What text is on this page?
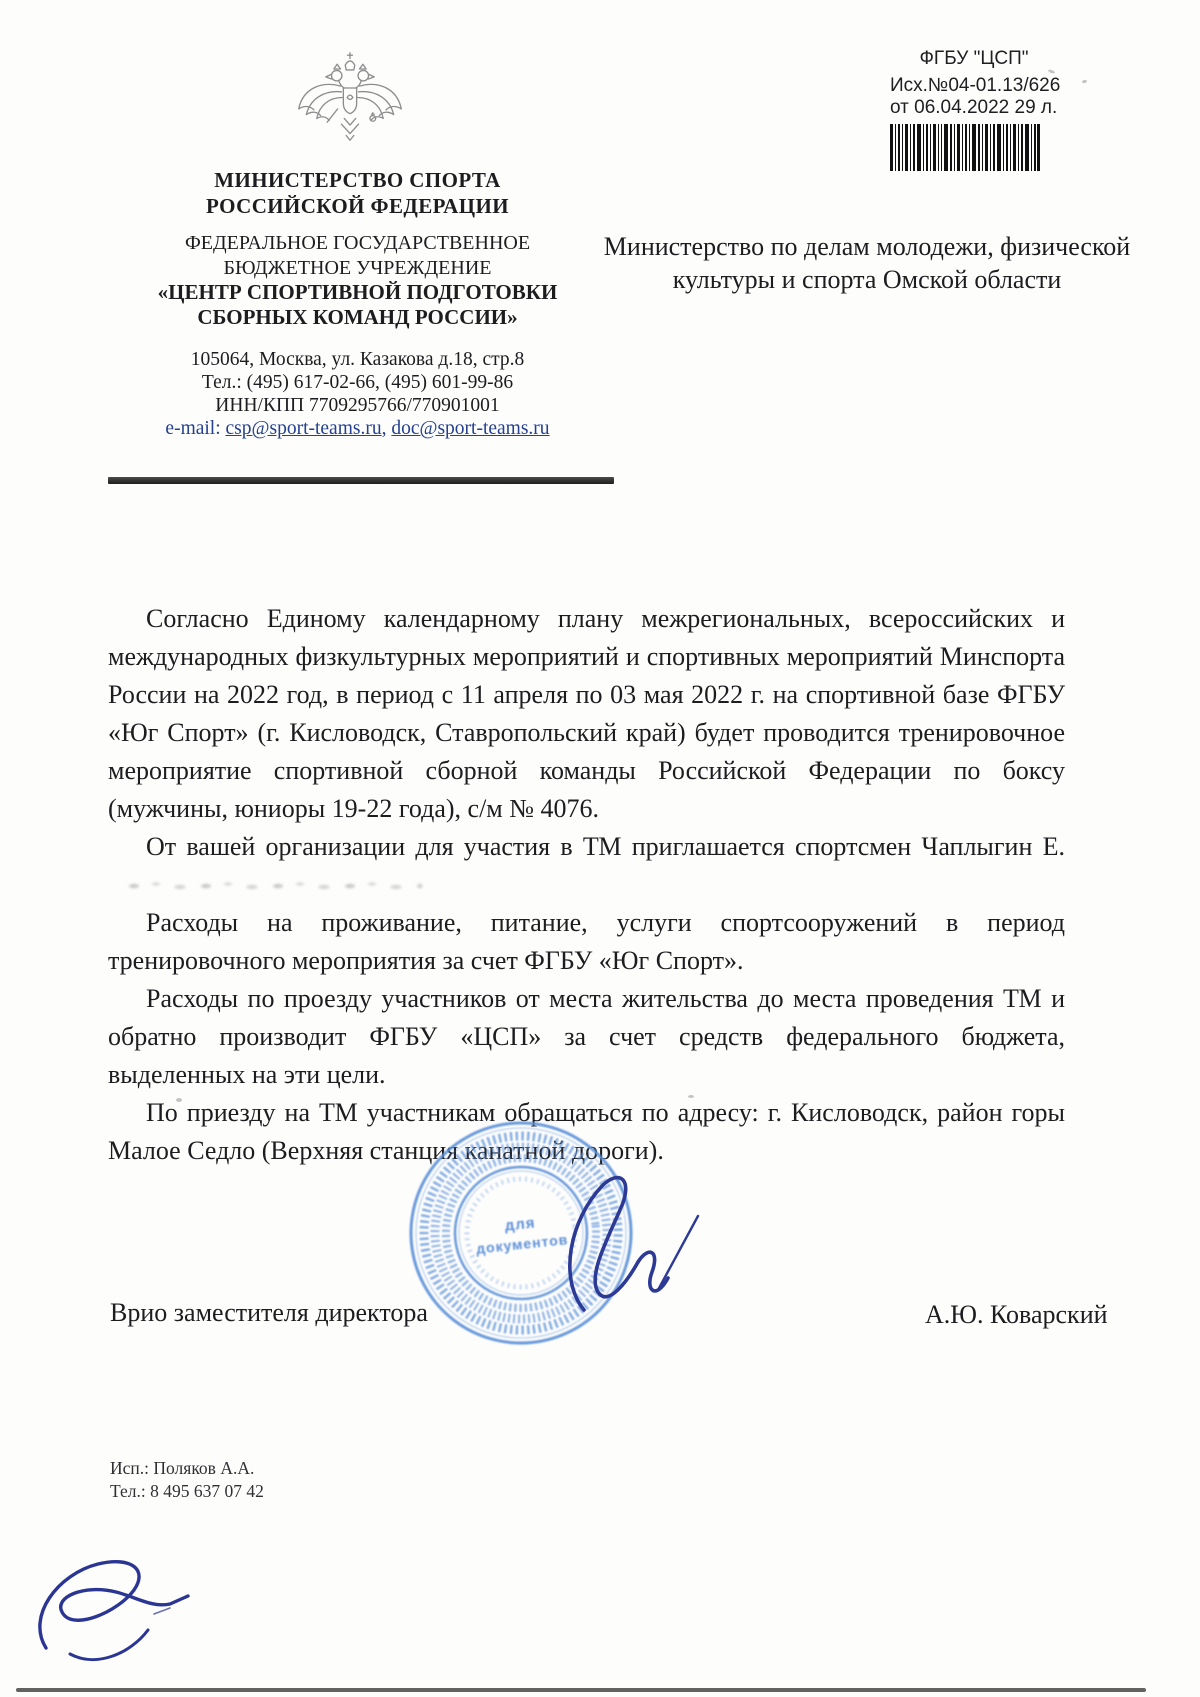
МИНИСТЕРСТВО СПОРТА
РОССИЙСКОЙ ФЕДЕРАЦИИ
ФЕДЕРАЛЬНОЕ ГОСУДАРСТВЕННОЕ
БЮДЖЕТНОЕ УЧРЕЖДЕНИЕ
«ЦЕНТР СПОРТИВНОЙ ПОДГОТОВКИ
СБОРНЫХ КОМАНД РОССИИ»
105064, Москва, ул. Казакова д.18, стр.8
Тел.: (495) 617-02-66, (495) 601-99-86
ИНН/КПП 7709295766/770901001
e-mail: csp@sport-teams.ru, doc@sport-teams.ru
ФГБУ "ЦСП"
Исх.№04-01.13/626
от 06.04.2022 29 л.
Министерство по делам молодежи, физической культуры и спорта Омской области

Согласно Единому календарному плану межрегиональных, всероссийских и международных физкультурных мероприятий и спортивных мероприятий Минспорта России на 2022 год, в период с 11 апреля по 03 мая 2022 г. на спортивной базе ФГБУ «Юг Спорт» (г. Кисловодск, Ставропольский край) будет проводится тренировочное мероприятие спортивной сборной команды Российской Федерации по боксу (мужчины, юниоры 19-22 года), с/м № 4076.

От вашей организации для участия в ТМ приглашается спортсмен Чаплыгин Е.

Расходы на проживание, питание, услуги спортсооружений в период тренировочного мероприятия за счет ФГБУ «Юг Спорт».

Расходы по проезду участников от места жительства до места проведения ТМ и обратно производит ФГБУ «ЦСП» за счет средств федерального бюджета, выделенных на эти цели.

По приезду на ТМ участникам обращаться по адресу: г. Кисловодск, район горы Малое Седло (Верхняя станция канатной дороги).

Врио заместителя директора	А.Ю. Коварский
для
документов
Исп.: Поляков А.А.
Тел.: 8 495 637 07 42
